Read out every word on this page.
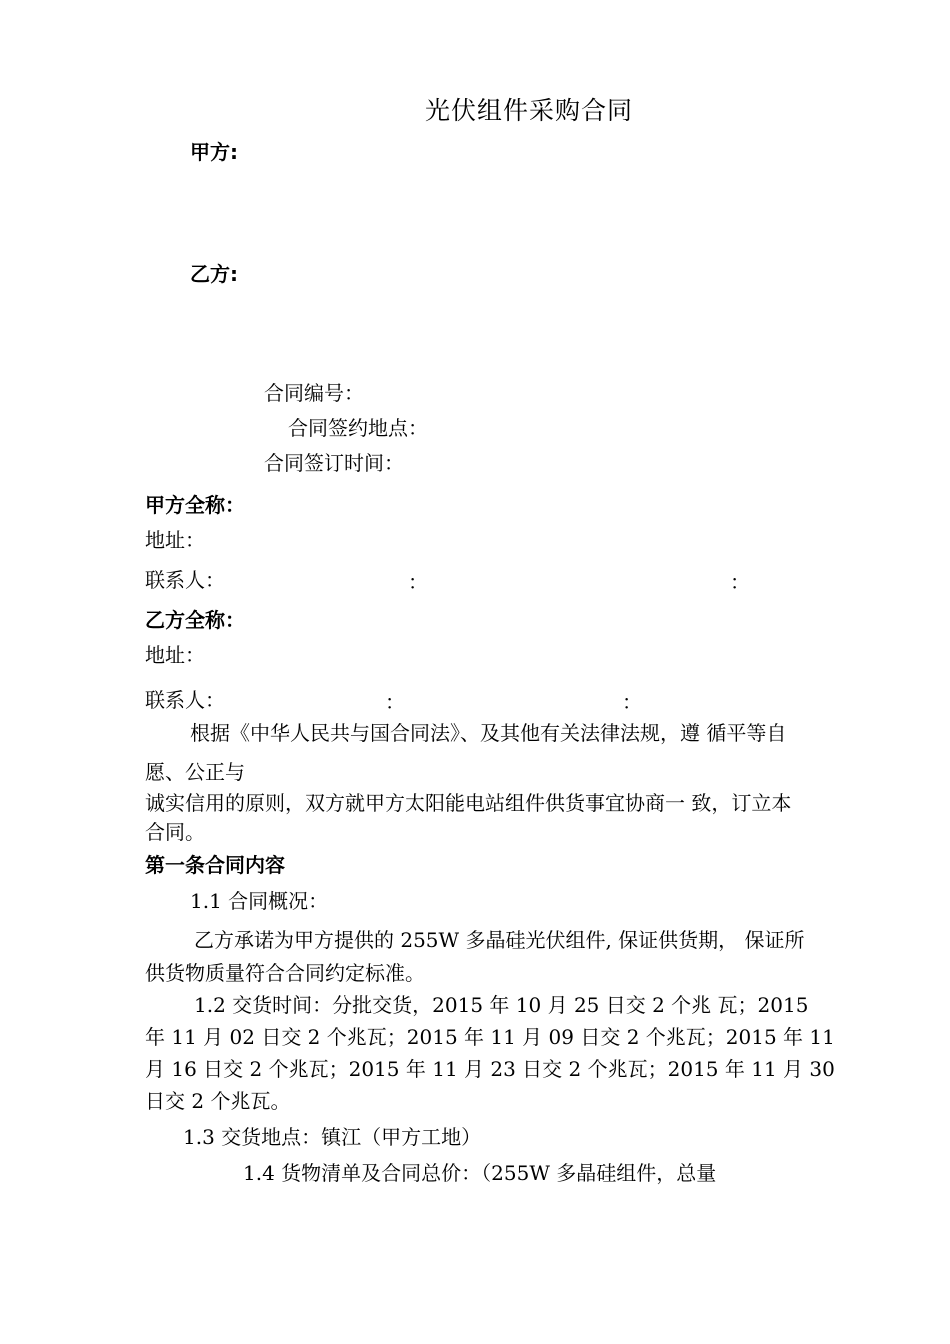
光伏组件采购合同
甲方:
乙方:
合同编号：
合同签约地点：
合同签订时间：
甲方全称：
地址：
联系人：	：	：
乙方全称：
地址：
联系人：	：	：
根据《中华人民共与国合同法》、及其他有关法律法规，遵 循平等自
愿、公正与
诚实信用的原则，双方就甲方太阳能电站组件供货事宜协商一 致，订立本
合同。
第一条合同内容
1.1 合同概况：
乙方承诺为甲方提供的 255W 多晶硅光伏组件, 保证供货期， 保证所
供货物质量符合合同约定标准。
1.2 交货时间：分批交货，2015 年 10 月 25 日交 2 个兆 瓦；2015
年 11 月 02 日交 2 个兆瓦；2015 年 11 月 09 日交 2 个兆瓦；2015 年 11
月 16 日交 2 个兆瓦；2015 年 11 月 23 日交 2 个兆瓦；2015 年 11 月 30
日交 2 个兆瓦。
1.3 交货地点：镇江（甲方工地）
1.4 货物清单及合同总价：（255W 多晶硅组件，总量
